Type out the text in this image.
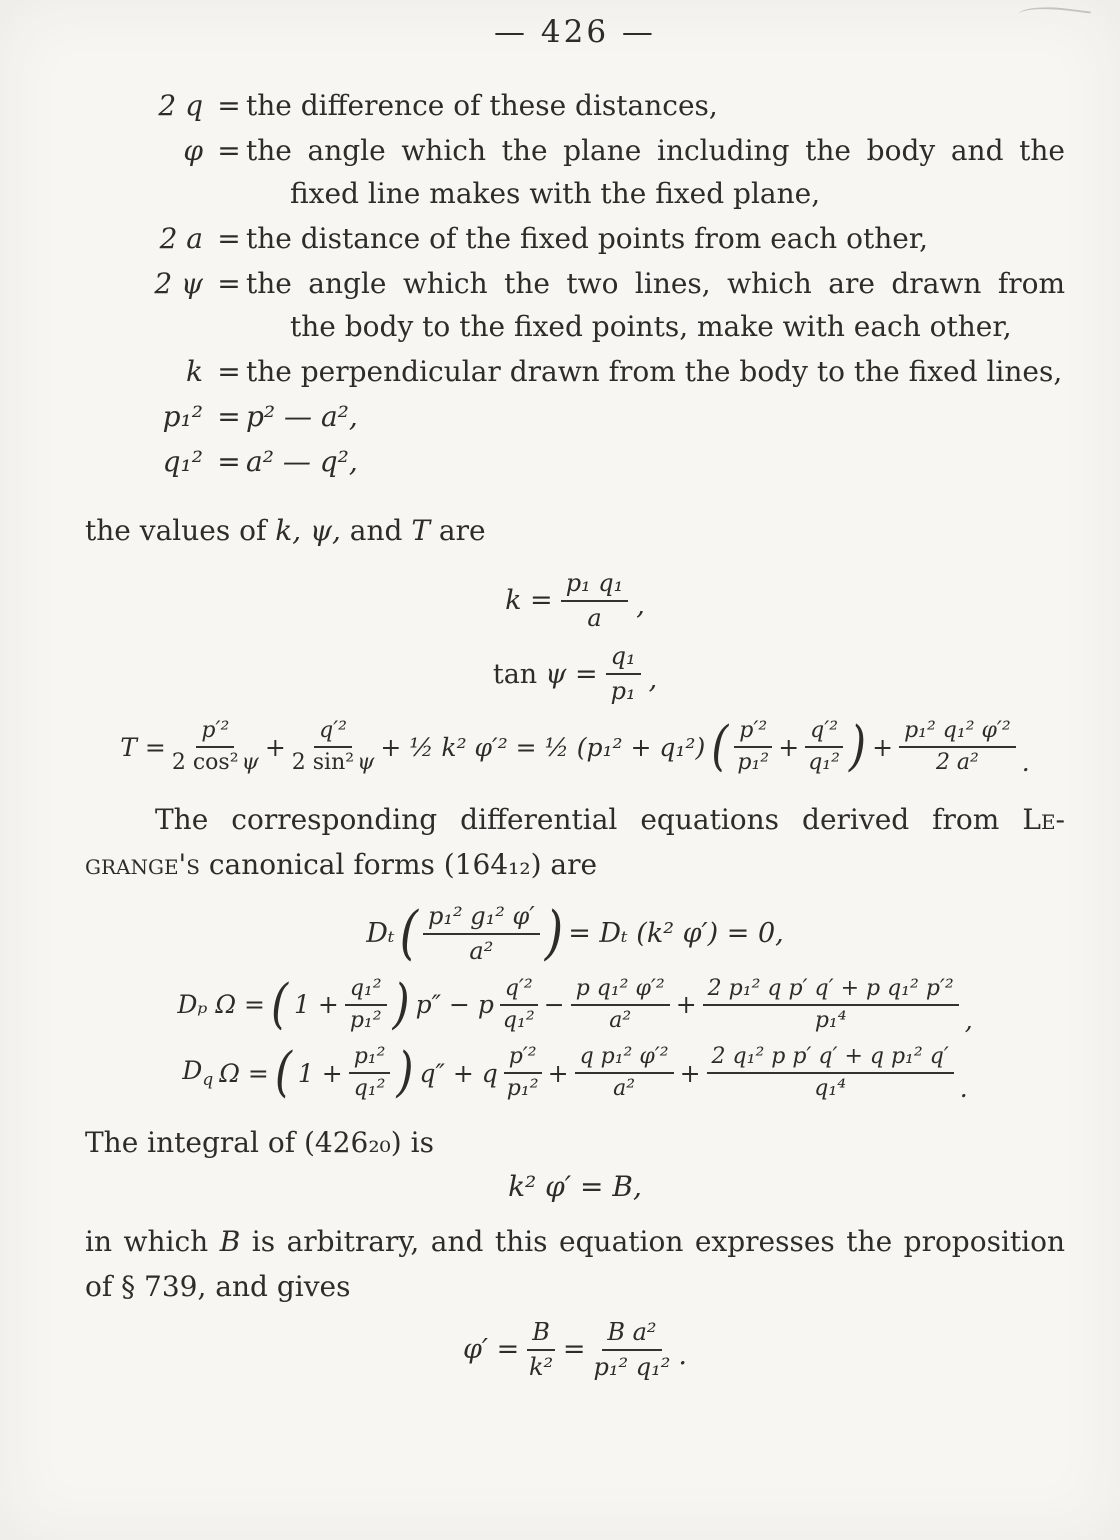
— 426 —
2 q = the difference of these distances,
φ = the angle which the plane including the body and the
fixed line makes with the fixed plane,
2 a = the distance of the fixed points from each other,
2 ψ = the angle which the two lines, which are drawn from
the body to the fixed points, make with each other,
k = the perpendicular drawn from the body to the fixed lines,
p₁² = p² — a²,
q₁² = a² — q²,
the values of k, ψ, and T are
$k = \frac{\text{p₁ q₁}}{a}$ ,
$\tan \psi = \frac{\text{q₁}}{\text{p₁}}$ ,
$T = \frac{\text{p′²}}{\text{2 cos² ψ}} + \frac{\text{q′²}}{\text{2 sin² ψ}}$ + ½ k² φ′² = ½ (p₁² + q₁²) ( $\frac{\text{p′²}}{\text{p₁²}} + \frac{\text{q′²}}{\text{q₁²}}$ ) + $\frac{\text{p₁² q₁² φ′²}}{\text{2 a²}}$ .
The corresponding differential equations derived from Le-
grange's canonical forms (164₁₂) are
Dₜ ( $\frac{\text{p₁² g₁² φ′}}{\text{a²}}$ ) = Dₜ (k² φ′) = 0,
Dₚ Ω = ( $1 + \frac{\text{q₁²}}{\text{p₁²}}$ ) p″ − p $\frac{\text{q′²}}{\text{q₁²}} - \frac{\text{p q₁² φ′²}}{\text{a²}} + \frac{\text{2 p₁² q p′ q′ + p q₁² p′²}}{\text{p₁⁴}}$ ,
$D_q$ Ω = ( $1 + \frac{\text{p₁²}}{\text{q₁²}}$ ) q″ + q $\frac{\text{p′²}}{\text{p₁²}} + \frac{\text{q p₁² φ′²}}{\text{a²}} + \frac{\text{2 q₁² p p′ q′ + q p₁² q′}}{\text{q₁⁴}}$ .
The integral of (426₂₀) is
k² φ′ = B,
in which B is arbitrary, and this equation expresses the proposition
of § 739, and gives
$\varphi' = \frac{B}{\text{k²}} = \frac{\text{B a²}}{\text{p₁² q₁²}}$ .
